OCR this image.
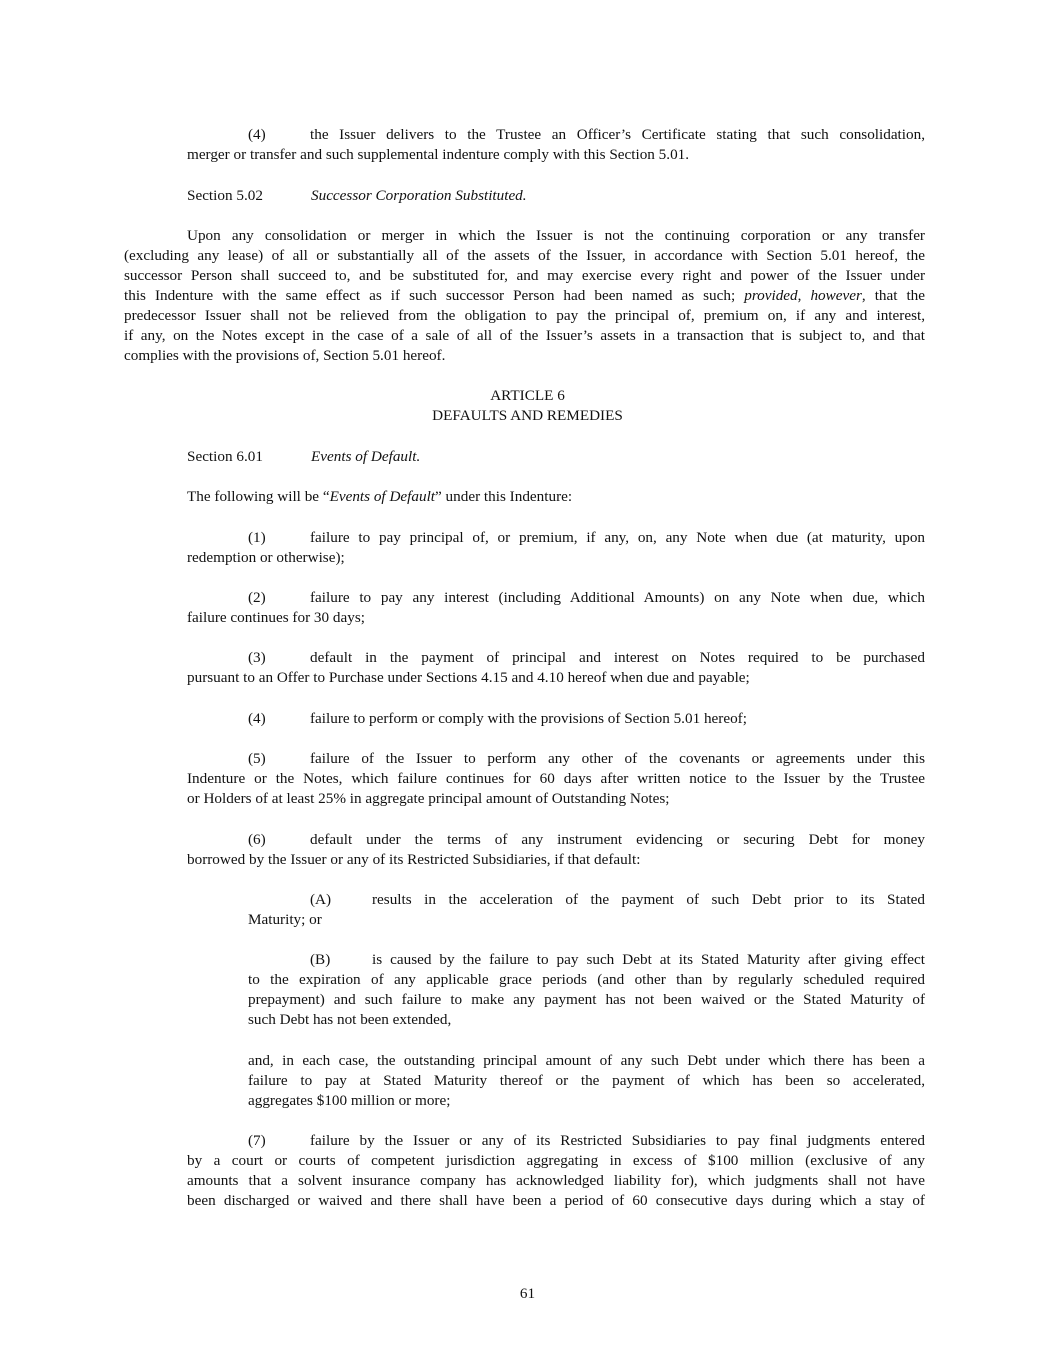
(4)	the Issuer delivers to the Trustee an Officer’s Certificate stating that such consolidation,
merger or transfer and such supplemental indenture comply with this Section 5.01.
Section 5.02	Successor Corporation Substituted.
Upon any consolidation or merger in which the Issuer is not the continuing corporation or any transfer
(excluding any lease) of all or substantially all of the assets of the Issuer, in accordance with Section 5.01 hereof, the
successor Person shall succeed to, and be substituted for, and may exercise every right and power of the Issuer under
this Indenture with the same effect as if such successor Person had been named as such; provided, however, that the
predecessor Issuer shall not be relieved from the obligation to pay the principal of, premium on, if any and interest,
if any, on the Notes except in the case of a sale of all of the Issuer’s assets in a transaction that is subject to, and that
complies with the provisions of, Section 5.01 hereof.
ARTICLE 6
DEFAULTS AND REMEDIES
Section 6.01	Events of Default.
The following will be “Events of Default” under this Indenture:
(1)	failure to pay principal of, or premium, if any, on, any Note when due (at maturity, upon
redemption or otherwise);
(2)	failure to pay any interest (including Additional Amounts) on any Note when due, which
failure continues for 30 days;
(3)	default in the payment of principal and interest on Notes required to be purchased
pursuant to an Offer to Purchase under Sections 4.15 and 4.10 hereof when due and payable;
(4)	failure to perform or comply with the provisions of Section 5.01 hereof;
(5)	failure of the Issuer to perform any other of the covenants or agreements under this
Indenture or the Notes, which failure continues for 60 days after written notice to the Issuer by the Trustee
or Holders of at least 25% in aggregate principal amount of Outstanding Notes;
(6)	default under the terms of any instrument evidencing or securing Debt for money
borrowed by the Issuer or any of its Restricted Subsidiaries, if that default:
(A)	results in the acceleration of the payment of such Debt prior to its Stated
Maturity; or
(B)	is caused by the failure to pay such Debt at its Stated Maturity after giving effect
to the expiration of any applicable grace periods (and other than by regularly scheduled required
prepayment) and such failure to make any payment has not been waived or the Stated Maturity of
such Debt has not been extended,
and, in each case, the outstanding principal amount of any such Debt under which there has been a
failure to pay at Stated Maturity thereof or the payment of which has been so accelerated,
aggregates $100 million or more;
(7)	failure by the Issuer or any of its Restricted Subsidiaries to pay final judgments entered
by a court or courts of competent jurisdiction aggregating in excess of $100 million (exclusive of any
amounts that a solvent insurance company has acknowledged liability for), which judgments shall not have
been discharged or waived and there shall have been a period of 60 consecutive days during which a stay of
61
